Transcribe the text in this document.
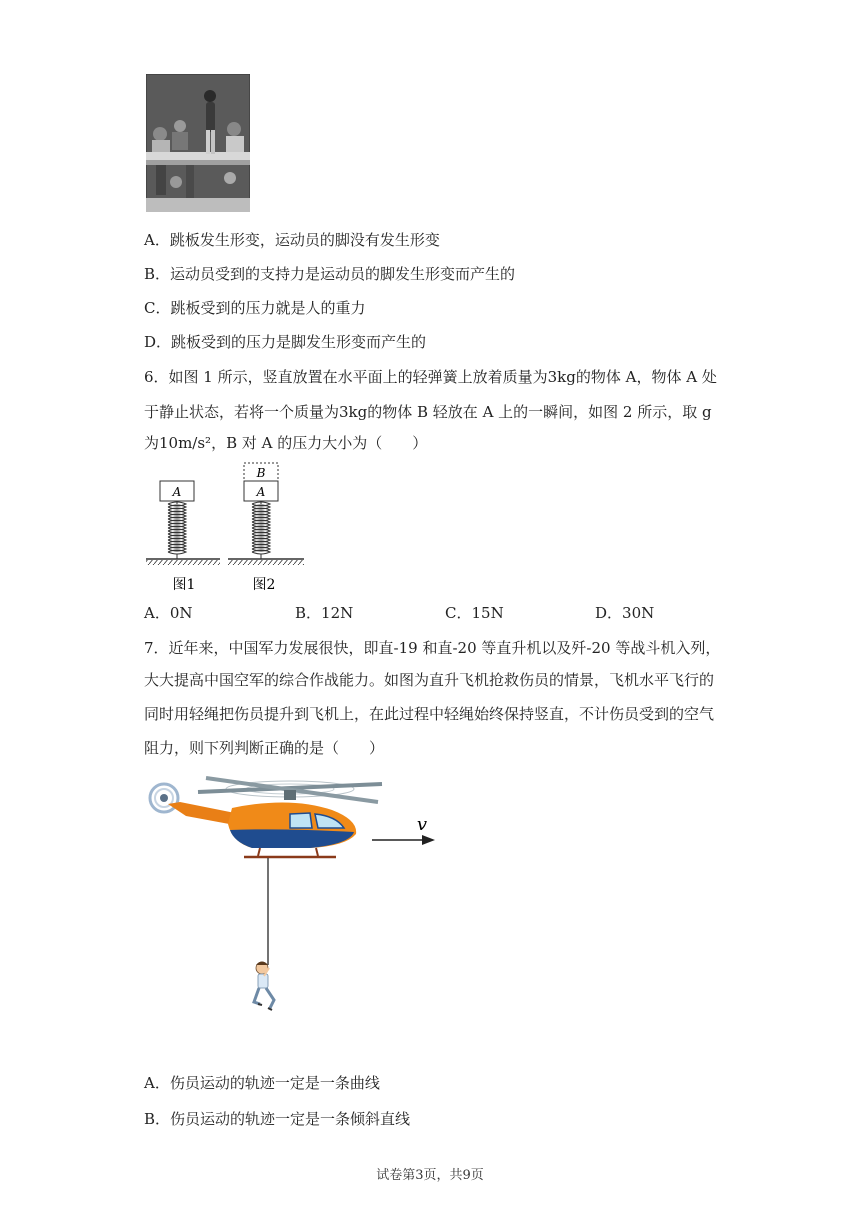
A．跳板发生形变，运动员的脚没有发生形变
B．运动员受到的支持力是运动员的脚发生形变而产生的
C．跳板受到的压力就是人的重力
D．跳板受到的压力是脚发生形变而产生的
6．如图 1 所示，竖直放置在水平面上的轻弹簧上放着质量为3kg的物体 A，物体 A 处
于静止状态，若将一个质量为3kg的物体 B 轻放在 A 上的一瞬间，如图 2 所示，取 g
为10m/s²，B 对 A 的压力大小为（　　）
A
图1
B
A
图2
A．0N	B．12N	C．15N	D．30N
7．近年来，中国军力发展很快，即直-19 和直-20 等直升机以及歼-20 等战斗机入列，
大大提高中国空军的综合作战能力。如图为直升飞机抢救伤员的情景，飞机水平飞行的
同时用轻绳把伤员提升到飞机上，在此过程中轻绳始终保持竖直，不计伤员受到的空气
阻力，则下列判断正确的是（　　）
v
A．伤员运动的轨迹一定是一条曲线
B．伤员运动的轨迹一定是一条倾斜直线
试卷第3页，共9页
